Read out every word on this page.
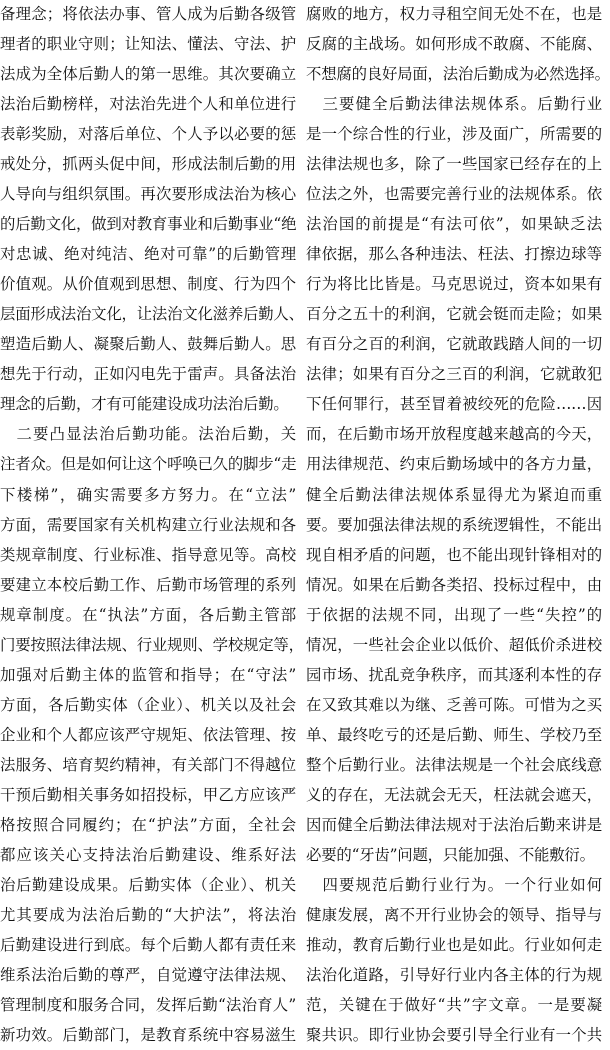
备理念；将依法办事、管人成为后勤各级管
理者的职业守则；让知法、懂法、守法、护
法成为全体后勤人的第一思维。其次要确立
法治后勤榜样，对法治先进个人和单位进行
表彰奖励，对落后单位、个人予以必要的惩
戒处分，抓两头促中间，形成法制后勤的用
人导向与组织氛围。再次要形成法治为核心
的后勤文化，做到对教育事业和后勤事业“绝
对忠诚、绝对纯洁、绝对可靠”的后勤管理
价值观。从价值观到思想、制度、行为四个
层面形成法治文化，让法治文化滋养后勤人、
塑造后勤人、凝聚后勤人、鼓舞后勤人。思
想先于行动，正如闪电先于雷声。具备法治
理念的后勤，才有可能建设成功法治后勤。
　二要凸显法治后勤功能。法治后勤，关
注者众。但是如何让这个呼唤已久的脚步“走
下楼梯”，确实需要多方努力。在“立法”
方面，需要国家有关机构建立行业法规和各
类规章制度、行业标准、指导意见等。高校
要建立本校后勤工作、后勤市场管理的系列
规章制度。在“执法”方面，各后勤主管部
门要按照法律法规、行业规则、学校规定等，
加强对后勤主体的监管和指导；在“守法”
方面，各后勤实体（企业）、机关以及社会
企业和个人都应该严守规矩、依法管理、按
法服务、培育契约精神，有关部门不得越位
干预后勤相关事务如招投标，甲乙方应该严
格按照合同履约；在“护法”方面，全社会
都应该关心支持法治后勤建设、维系好法
治后勤建设成果。后勤实体（企业）、机关
尤其要成为法治后勤的“大护法”，将法治
后勤建设进行到底。每个后勤人都有责任来
维系法治后勤的尊严，自觉遵守法律法规、
管理制度和服务合同，发挥后勤“法治育人”
新功效。后勤部门，是教育系统中容易滋生
腐败的地方，权力寻租空间无处不在，也是
反腐的主战场。如何形成不敢腐、不能腐、
不想腐的良好局面，法治后勤成为必然选择。
　三要健全后勤法律法规体系。后勤行业
是一个综合性的行业，涉及面广，所需要的
法律法规也多，除了一些国家已经存在的上
位法之外，也需要完善行业的法规体系。依
法治国的前提是“有法可依”，如果缺乏法
律依据，那么各种违法、枉法、打擦边球等
行为将比比皆是。马克思说过，资本如果有
百分之五十的利润，它就会铤而走险；如果
有百分之百的利润，它就敢践踏人间的一切
法律；如果有百分之三百的利润，它就敢犯
下任何罪行，甚至冒着被绞死的危险……因
而，在后勤市场开放程度越来越高的今天，
用法律规范、约束后勤场域中的各方力量，
健全后勤法律法规体系显得尤为紧迫而重
要。要加强法律法规的系统逻辑性，不能出
现自相矛盾的问题，也不能出现针锋相对的
情况。如果在后勤各类招、投标过程中，由
于依据的法规不同，出现了一些“失控”的
情况，一些社会企业以低价、超低价杀进校
园市场、扰乱竞争秩序，而其逐利本性的存
在又致其难以为继、乏善可陈。可惜为之买
单、最终吃亏的还是后勤、师生、学校乃至
整个后勤行业。法律法规是一个社会底线意
义的存在，无法就会无天，枉法就会遮天，
因而健全后勤法律法规对于法治后勤来讲是
必要的“牙齿”问题，只能加强、不能敷衍。
　四要规范后勤行业行为。一个行业如何
健康发展，离不开行业协会的领导、指导与
推动，教育后勤行业也是如此。行业如何走
法治化道路，引导好行业内各主体的行为规
范，关键在于做好“共”字文章。一是要凝
聚共识。即行业协会要引导全行业有一个共
